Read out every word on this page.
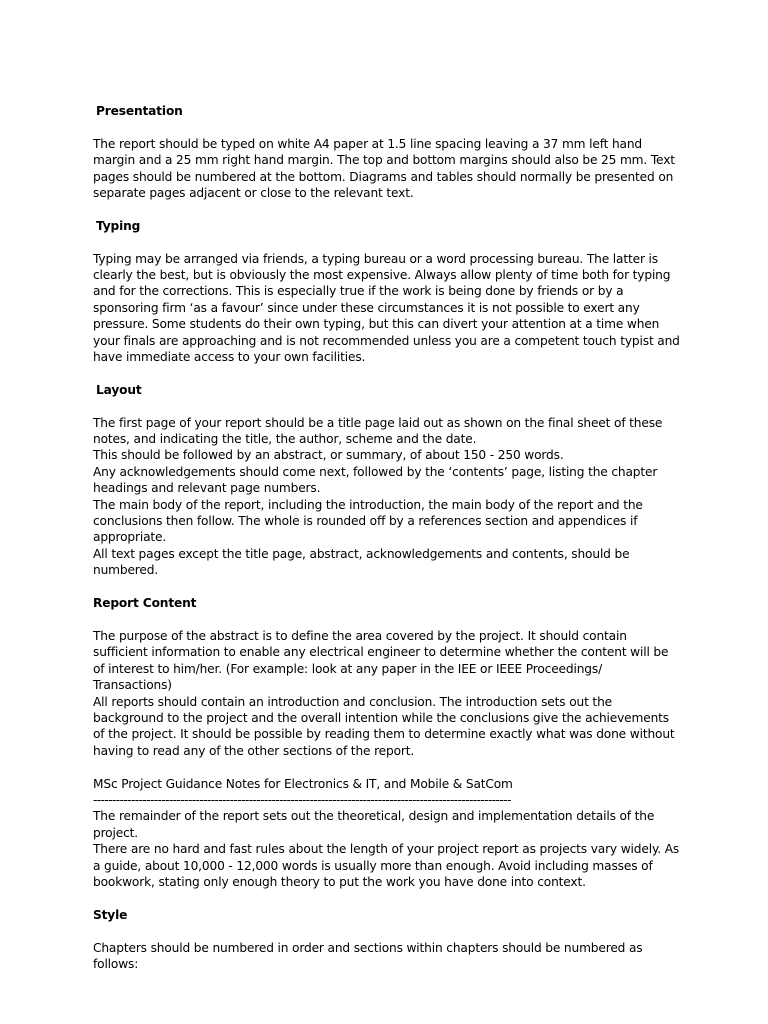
Presentation

The report should be typed on white A4 paper at 1.5 line spacing leaving a 37 mm left hand margin and a 25 mm right hand margin. The top and bottom margins should also be 25 mm. Text pages should be numbered at the bottom. Diagrams and tables should normally be presented on separate pages adjacent or close to the relevant text.

Typing

Typing may be arranged via friends, a typing bureau or a word processing bureau. The latter is clearly the best, but is obviously the most expensive. Always allow plenty of time both for typing and for the corrections. This is especially true if the work is being done by friends or by a sponsoring firm ‘as a favour’ since under these circumstances it is not possible to exert any pressure. Some students do their own typing, but this can divert your attention at a time when your finals are approaching and is not recommended unless you are a competent touch typist and have immediate access to your own facilities.

Layout

The first page of your report should be a title page laid out as shown on the final sheet of these notes, and indicating the title, the author, scheme and the date.

This should be followed by an abstract, or summary, of about 150 - 250 words.

Any acknowledgements should come next, followed by the ‘contents’ page, listing the chapter headings and relevant page numbers.

The main body of the report, including the introduction, the main body of the report and the conclusions then follow. The whole is rounded off by a references section and appendices if appropriate.

All text pages except the title page, abstract, acknowledgements and contents, should be numbered.

Report Content

The purpose of the abstract is to define the area covered by the project. It should contain sufficient information to enable any electrical engineer to determine whether the content will be of interest to him/her. (For example: look at any paper in the IEE or IEEE Proceedings/ Transactions)

All reports should contain an introduction and conclusion. The introduction sets out the background to the project and the overall intention while the conclusions give the achievements of the project. It should be possible by reading them to determine exactly what was done without having to read any of the other sections of the report.

MSc Project Guidance Notes for Electronics & IT, and Mobile & SatCom

--------------------------------------------------------------------------------------------------------------

The remainder of the report sets out the theoretical, design and implementation details of the project.

There are no hard and fast rules about the length of your project report as projects vary widely. As a guide, about 10,000 - 12,000 words is usually more than enough. Avoid including masses of bookwork, stating only enough theory to put the work you have done into context.

Style

Chapters should be numbered in order and sections within chapters should be numbered as follows:
